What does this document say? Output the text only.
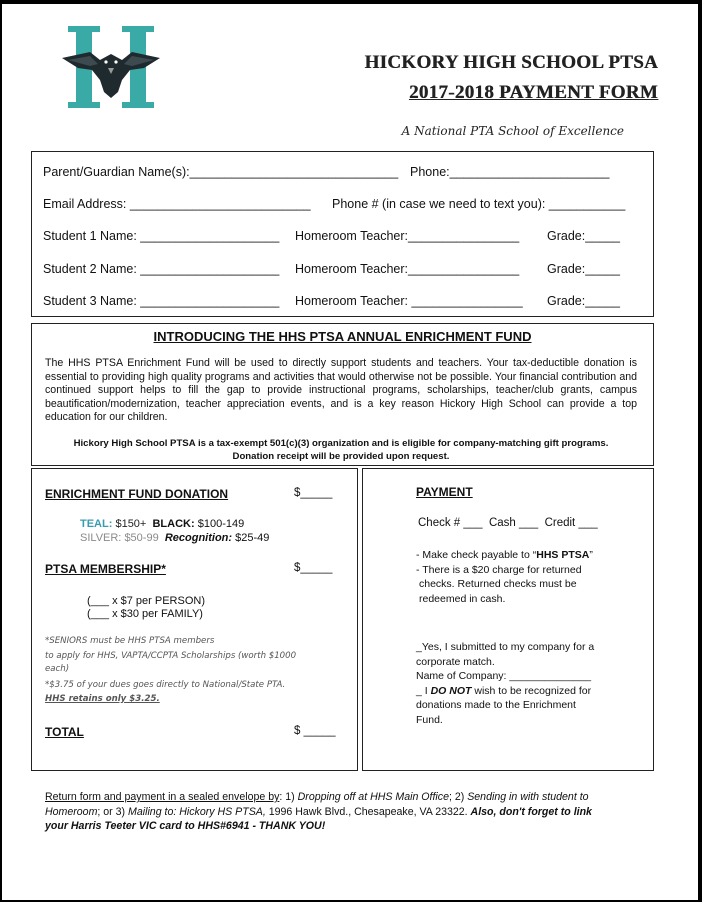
HICKORY HIGH SCHOOL PTSA
2017-2018 PAYMENT FORM
A National PTA School of Excellence
Parent/Guardian Name(s):______________________________ Phone:_______________________
Email Address: __________________________ Phone # (in case we need to text you): ___________
Student 1 Name: ____________________ Homeroom Teacher:________________ Grade:_____
Student 2 Name: ____________________ Homeroom Teacher:________________ Grade:_____
Student 3 Name: ____________________ Homeroom Teacher: ________________ Grade:_____
INTRODUCING THE HHS PTSA ANNUAL ENRICHMENT FUND
The HHS PTSA Enrichment Fund will be used to directly support students and teachers. Your tax-deductible donation is essential to providing high quality programs and activities that would otherwise not be possible. Your financial contribution and continued support helps to fill the gap to provide instructional programs, scholarships, teacher/club grants, campus beautification/modernization, teacher appreciation events, and is a key reason Hickory High School can provide a top education for our children.
Hickory High School PTSA is a tax-exempt 501(c)(3) organization and is eligible for company-matching gift programs.
Donation receipt will be provided upon request.
ENRICHMENT FUND DONATION	$_____
TEAL: $150+ BLACK: $100-149
SILVER: $50-99 Recognition: $25-49
PTSA MEMBERSHIP*	$_____
(___ x $7 per PERSON)
(___ x $30 per FAMILY)
*SENIORS must be HHS PTSA members
to apply for HHS, VAPTA/CCPTA Scholarships (worth $1000
each)
*$3.75 of your dues goes directly to National/State PTA.
HHS retains only $3.25.
TOTAL	$ _____
PAYMENT
Check # ___  Cash ___  Credit ___
- Make check payable to “HHS PTSA”
- There is a $20 charge for returned
checks. Returned checks must be
redeemed in cash.
_Yes, I submitted to my company for a
corporate match.
Name of Company: ______________
_ I DO NOT wish to be recognized for
donations made to the Enrichment
Fund.
Return form and payment in a sealed envelope by: 1) Dropping off at HHS Main Office; 2) Sending in with student to Homeroom; or 3) Mailing to: Hickory HS PTSA, 1996 Hawk Blvd., Chesapeake, VA 23322. Also, don't forget to link
your Harris Teeter VIC card to HHS#6941 - THANK YOU!
